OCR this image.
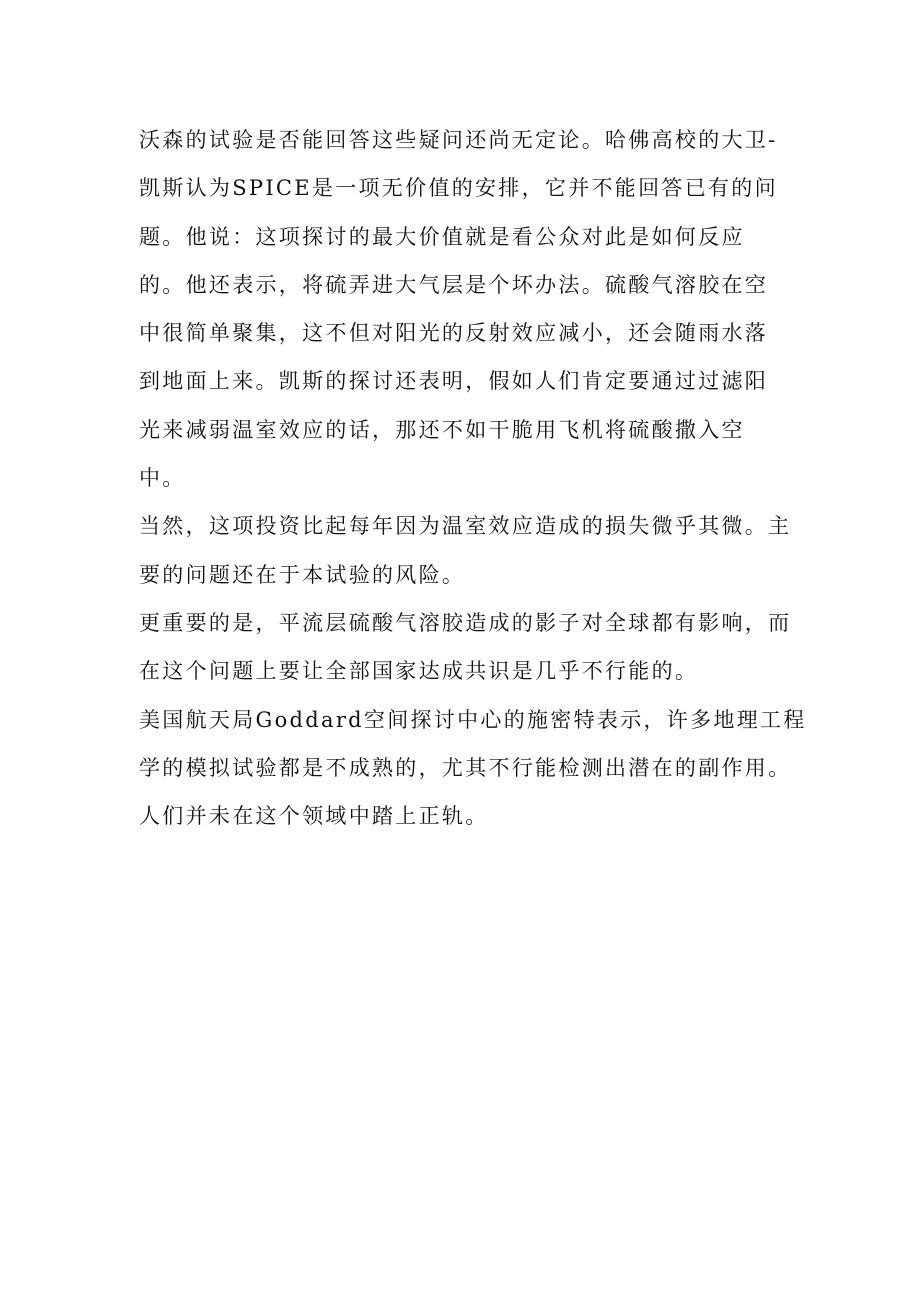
沃森的试验是否能回答这些疑问还尚无定论。哈佛高校的大卫-
凯斯认为SPICE是一项无价值的安排，它并不能回答已有的问
题。他说：这项探讨的最大价值就是看公众对此是如何反应
的。他还表示，将硫弄进大气层是个坏办法。硫酸气溶胶在空
中很简单聚集，这不但对阳光的反射效应减小，还会随雨水落
到地面上来。凯斯的探讨还表明，假如人们肯定要通过过滤阳
光来减弱温室效应的话，那还不如干脆用飞机将硫酸撒入空
中。
当然，这项投资比起每年因为温室效应造成的损失微乎其微。主
要的问题还在于本试验的风险。
更重要的是，平流层硫酸气溶胶造成的影子对全球都有影响，而
在这个问题上要让全部国家达成共识是几乎不行能的。
美国航天局Goddard空间探讨中心的施密特表示，许多地理工程
学的模拟试验都是不成熟的，尤其不行能检测出潜在的副作用。
人们并未在这个领域中踏上正轨。
